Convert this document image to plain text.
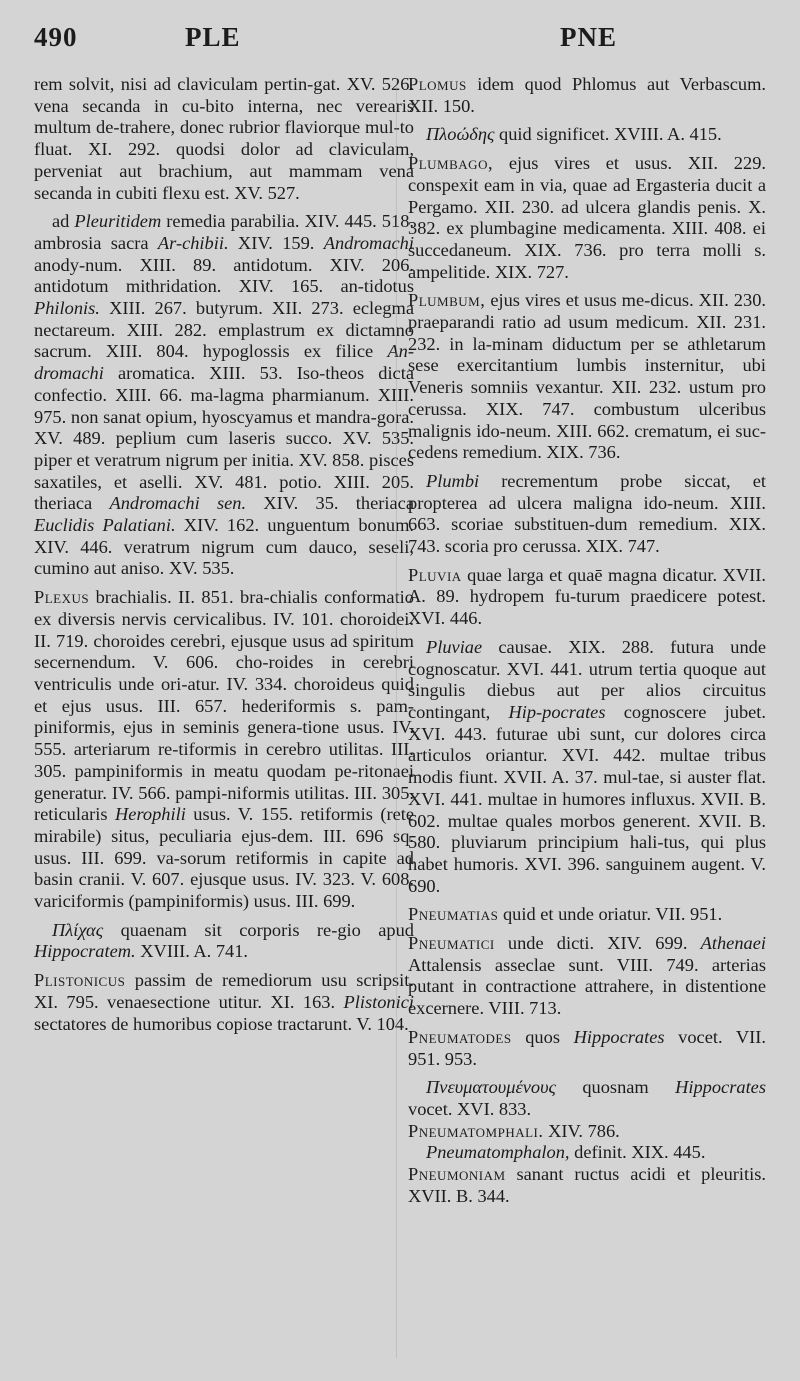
490	PLE	PNE

rem solvit, nisi ad claviculam pertin-gat. XV. 526. vena secanda in cu-bito interna, nec verearis multum de-trahere, donec rubrior flaviorque mul-to fluat. XI. 292. quodsi dolor ad claviculam, perveniat aut brachium, aut mammam vena secanda in cubiti flexu est. XV. 527.

ad Pleuritidem remedia parabilia. XIV. 445. 518. ambrosia sacra Ar-chibii. XIV. 159. Andromachi anody-num. XIII. 89. antidotum. XIV. 206. antidotum mithridation. XIV. 165. an-tidotus Philonis. XIII. 267. butyrum. XII. 273. eclegma nectareum. XIII. 282. emplastrum ex dictamno sacrum. XIII. 804. hypoglossis ex filice An-dromachi aromatica. XIII. 53. Iso-theos dicta confectio. XIII. 66. ma-lagma pharmianum. XIII. 975. non sanat opium, hyoscyamus et mandra-gora. XV. 489. peplium cum laseris succo. XV. 535. piper et veratrum nigrum per initia. XV. 858. pisces saxatiles, et aselli. XV. 481. potio. XIII. 205. theriaca Andromachi sen. XIV. 35. theriaca Euclidis Palatiani. XIV. 162. unguentum bonum. XIV. 446. veratrum nigrum cum dauco, seseli, cumino aut aniso. XV. 535.

Plexus brachialis. II. 851. bra-chialis conformatio ex diversis nervis cervicalibus. IV. 101. choroidei. II. 719. choroides cerebri, ejusque usus ad spiritum secernendum. V. 606. cho-roides in cerebri ventriculis unde ori-atur. IV. 334. choroideus quid et ejus usus. III. 657. hederiformis s. pam-piniformis, ejus in seminis genera-tione usus. IV. 555. arteriarum re-tiformis in cerebro utilitas. III. 305. pampiniformis in meatu quodam pe-ritonaei generatur. IV. 566. pampi-niformis utilitas. III. 305. reticularis Herophili usus. V. 155. retiformis (rete mirabile) situs, peculiaria ejus-dem. III. 696 sq. usus. III. 699. va-sorum retiformis in capite ad basin cranii. V. 607. ejusque usus. IV. 323. V. 608. variciformis (pampiniformis) usus. III. 699.

Πλίχας quaenam sit corporis re-gio apud Hippocratem. XVIII. A. 741.

Plistonicus passim de remediorum usu scripsit. XI. 795. venaesectione utitur. XI. 163. Plistonici sectatores de humoribus copiose tractarunt. V. 104.

Plomus idem quod Phlomus aut Verbascum. XII. 150.

Πλοώδης quid significet. XVIII. A. 415.

Plumbago, ejus vires et usus. XII. 229. conspexit eam in via, quae ad Ergasteria ducit a Pergamo. XII. 230. ad ulcera glandis penis. X. 382. ex plumbagine medicamenta. XIII. 408. ei succedaneum. XIX. 736. pro terra molli s. ampelitide. XIX. 727.

Plumbum, ejus vires et usus me-dicus. XII. 230. praeparandi ratio ad usum medicum. XII. 231. 232. in la-minam diductum per se athletarum sese exercitantium lumbis insternitur, ubi Veneris somniis vexantur. XII. 232. ustum pro cerussa. XIX. 747. combustum ulceribus malignis ido-neum. XIII. 662. crematum, ei suc-cedens remedium. XIX. 736.

Plumbi recrementum probe siccat, et propterea ad ulcera maligna ido-neum. XIII. 663. scoriae substituen-dum remedium. XIX. 743. scoria pro cerussa. XIX. 747.

Pluvia quae larga et quaē magna dicatur. XVII. A. 89. hydropem fu-turum praedicere potest. XVI. 446.

Pluviae causae. XIX. 288. futura unde cognoscatur. XVI. 441. utrum tertia quoque aut singulis diebus aut per alios circuitus contingant, Hip-pocrates cognoscere jubet. XVI. 443. futurae ubi sunt, cur dolores circa articulos oriantur. XVI. 442. multae tribus modis fiunt. XVII. A. 37. mul-tae, si auster flat. XVI. 441. multae in humores influxus. XVII. B. 602. multae quales morbos generent. XVII. B. 580. pluviarum principium hali-tus, qui plus habet humoris. XVI. 396. sanguinem augent. V. 690.

Pneumatias quid et unde oriatur. VII. 951.

Pneumatici unde dicti. XIV. 699. Athenaei Attalensis asseclae sunt. VIII. 749. arterias putant in contractione attrahere, in distentione excernere. VIII. 713.

Pneumatodes quos Hippocrates vocet. VII. 951. 953.

Πνευματουμένους quosnam Hippocrates vocet. XVI. 833.

Pneumatomphali. XIV. 786.

Pneumatomphalon, definit. XIX. 445.

Pneumoniam sanant ructus acidi et pleuritis. XVII. B. 344.
